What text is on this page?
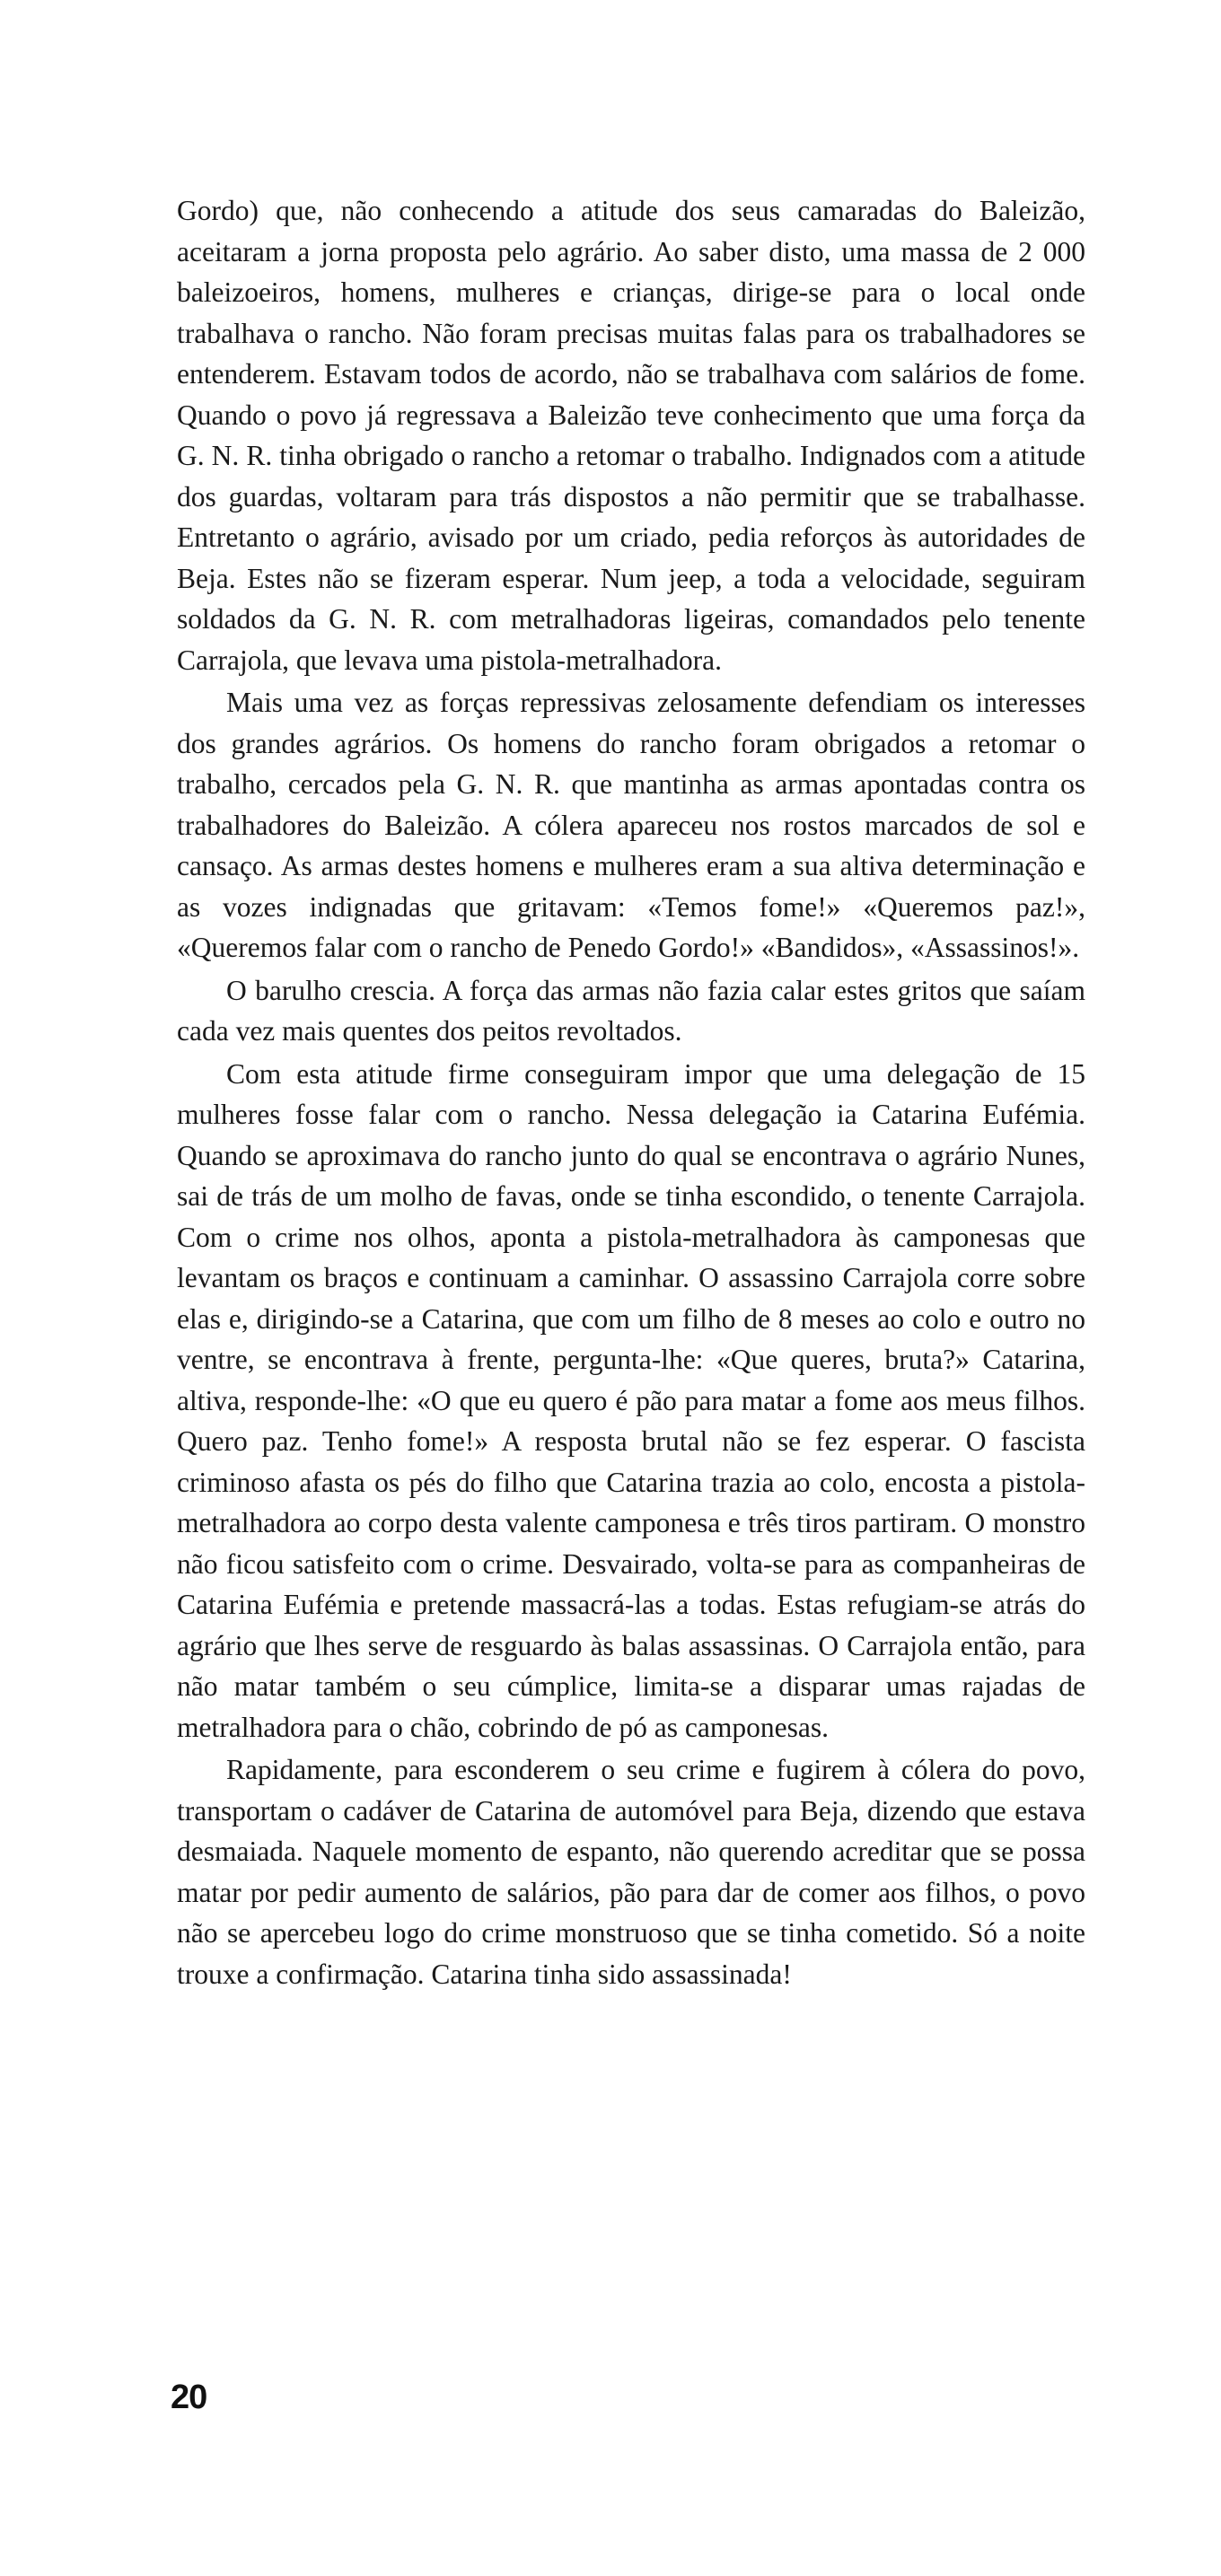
Gordo) que, não conhecendo a atitude dos seus camaradas do Baleizão, aceitaram a jorna proposta pelo agrário. Ao saber disto, uma massa de 2 000 baleizoeiros, homens, mulheres e crianças, dirige-se para o local onde trabalhava o rancho. Não foram precisas muitas falas para os trabalhadores se entenderem. Estavam todos de acordo, não se trabalhava com salários de fome. Quando o povo já regressava a Baleizão teve conhecimento que uma força da G. N. R. tinha obrigado o rancho a retomar o trabalho. Indignados com a atitude dos guardas, voltaram para trás dispostos a não permitir que se trabalhasse. Entretanto o agrário, avisado por um criado, pedia reforços às autoridades de Beja. Estes não se fizeram esperar. Num jeep, a toda a velocidade, seguiram soldados da G. N. R. com metralhadoras ligeiras, comandados pelo tenente Carrajola, que levava uma pistola-metralhadora.

Mais uma vez as forças repressivas zelosamente defendiam os interesses dos grandes agrários. Os homens do rancho foram obrigados a retomar o trabalho, cercados pela G. N. R. que mantinha as armas apontadas contra os trabalhadores do Baleizão. A cólera apareceu nos rostos marcados de sol e cansaço. As armas destes homens e mulheres eram a sua altiva determinação e as vozes indignadas que gritavam: «Temos fome!» «Queremos paz!», «Queremos falar com o rancho de Penedo Gordo!» «Bandidos», «Assassinos!».

O barulho crescia. A força das armas não fazia calar estes gritos que saíam cada vez mais quentes dos peitos revoltados.

Com esta atitude firme conseguiram impor que uma delegação de 15 mulheres fosse falar com o rancho. Nessa delegação ia Catarina Eufémia. Quando se aproximava do rancho junto do qual se encontrava o agrário Nunes, sai de trás de um molho de favas, onde se tinha escondido, o tenente Carrajola. Com o crime nos olhos, aponta a pistola-metralhadora às camponesas que levantam os braços e continuam a caminhar. O assassino Carrajola corre sobre elas e, dirigindo-se a Catarina, que com um filho de 8 meses ao colo e outro no ventre, se encontrava à frente, pergunta-lhe: «Que queres, bruta?» Catarina, altiva, responde-lhe: «O que eu quero é pão para matar a fome aos meus filhos. Quero paz. Tenho fome!» A resposta brutal não se fez esperar. O fascista criminoso afasta os pés do filho que Catarina trazia ao colo, encosta a pistola-metralhadora ao corpo desta valente camponesa e três tiros partiram. O monstro não ficou satisfeito com o crime. Desvairado, volta-se para as companheiras de Catarina Eufémia e pretende massacrá-las a todas. Estas refugiam-se atrás do agrário que lhes serve de resguardo às balas assassinas. O Carrajola então, para não matar também o seu cúmplice, limita-se a disparar umas rajadas de metralhadora para o chão, cobrindo de pó as camponesas.

Rapidamente, para esconderem o seu crime e fugirem à cólera do povo, transportam o cadáver de Catarina de automóvel para Beja, dizendo que estava desmaiada. Naquele momento de espanto, não querendo acreditar que se possa matar por pedir aumento de salários, pão para dar de comer aos filhos, o povo não se apercebeu logo do crime monstruoso que se tinha cometido. Só a noite trouxe a confirmação. Catarina tinha sido assassinada!

20
